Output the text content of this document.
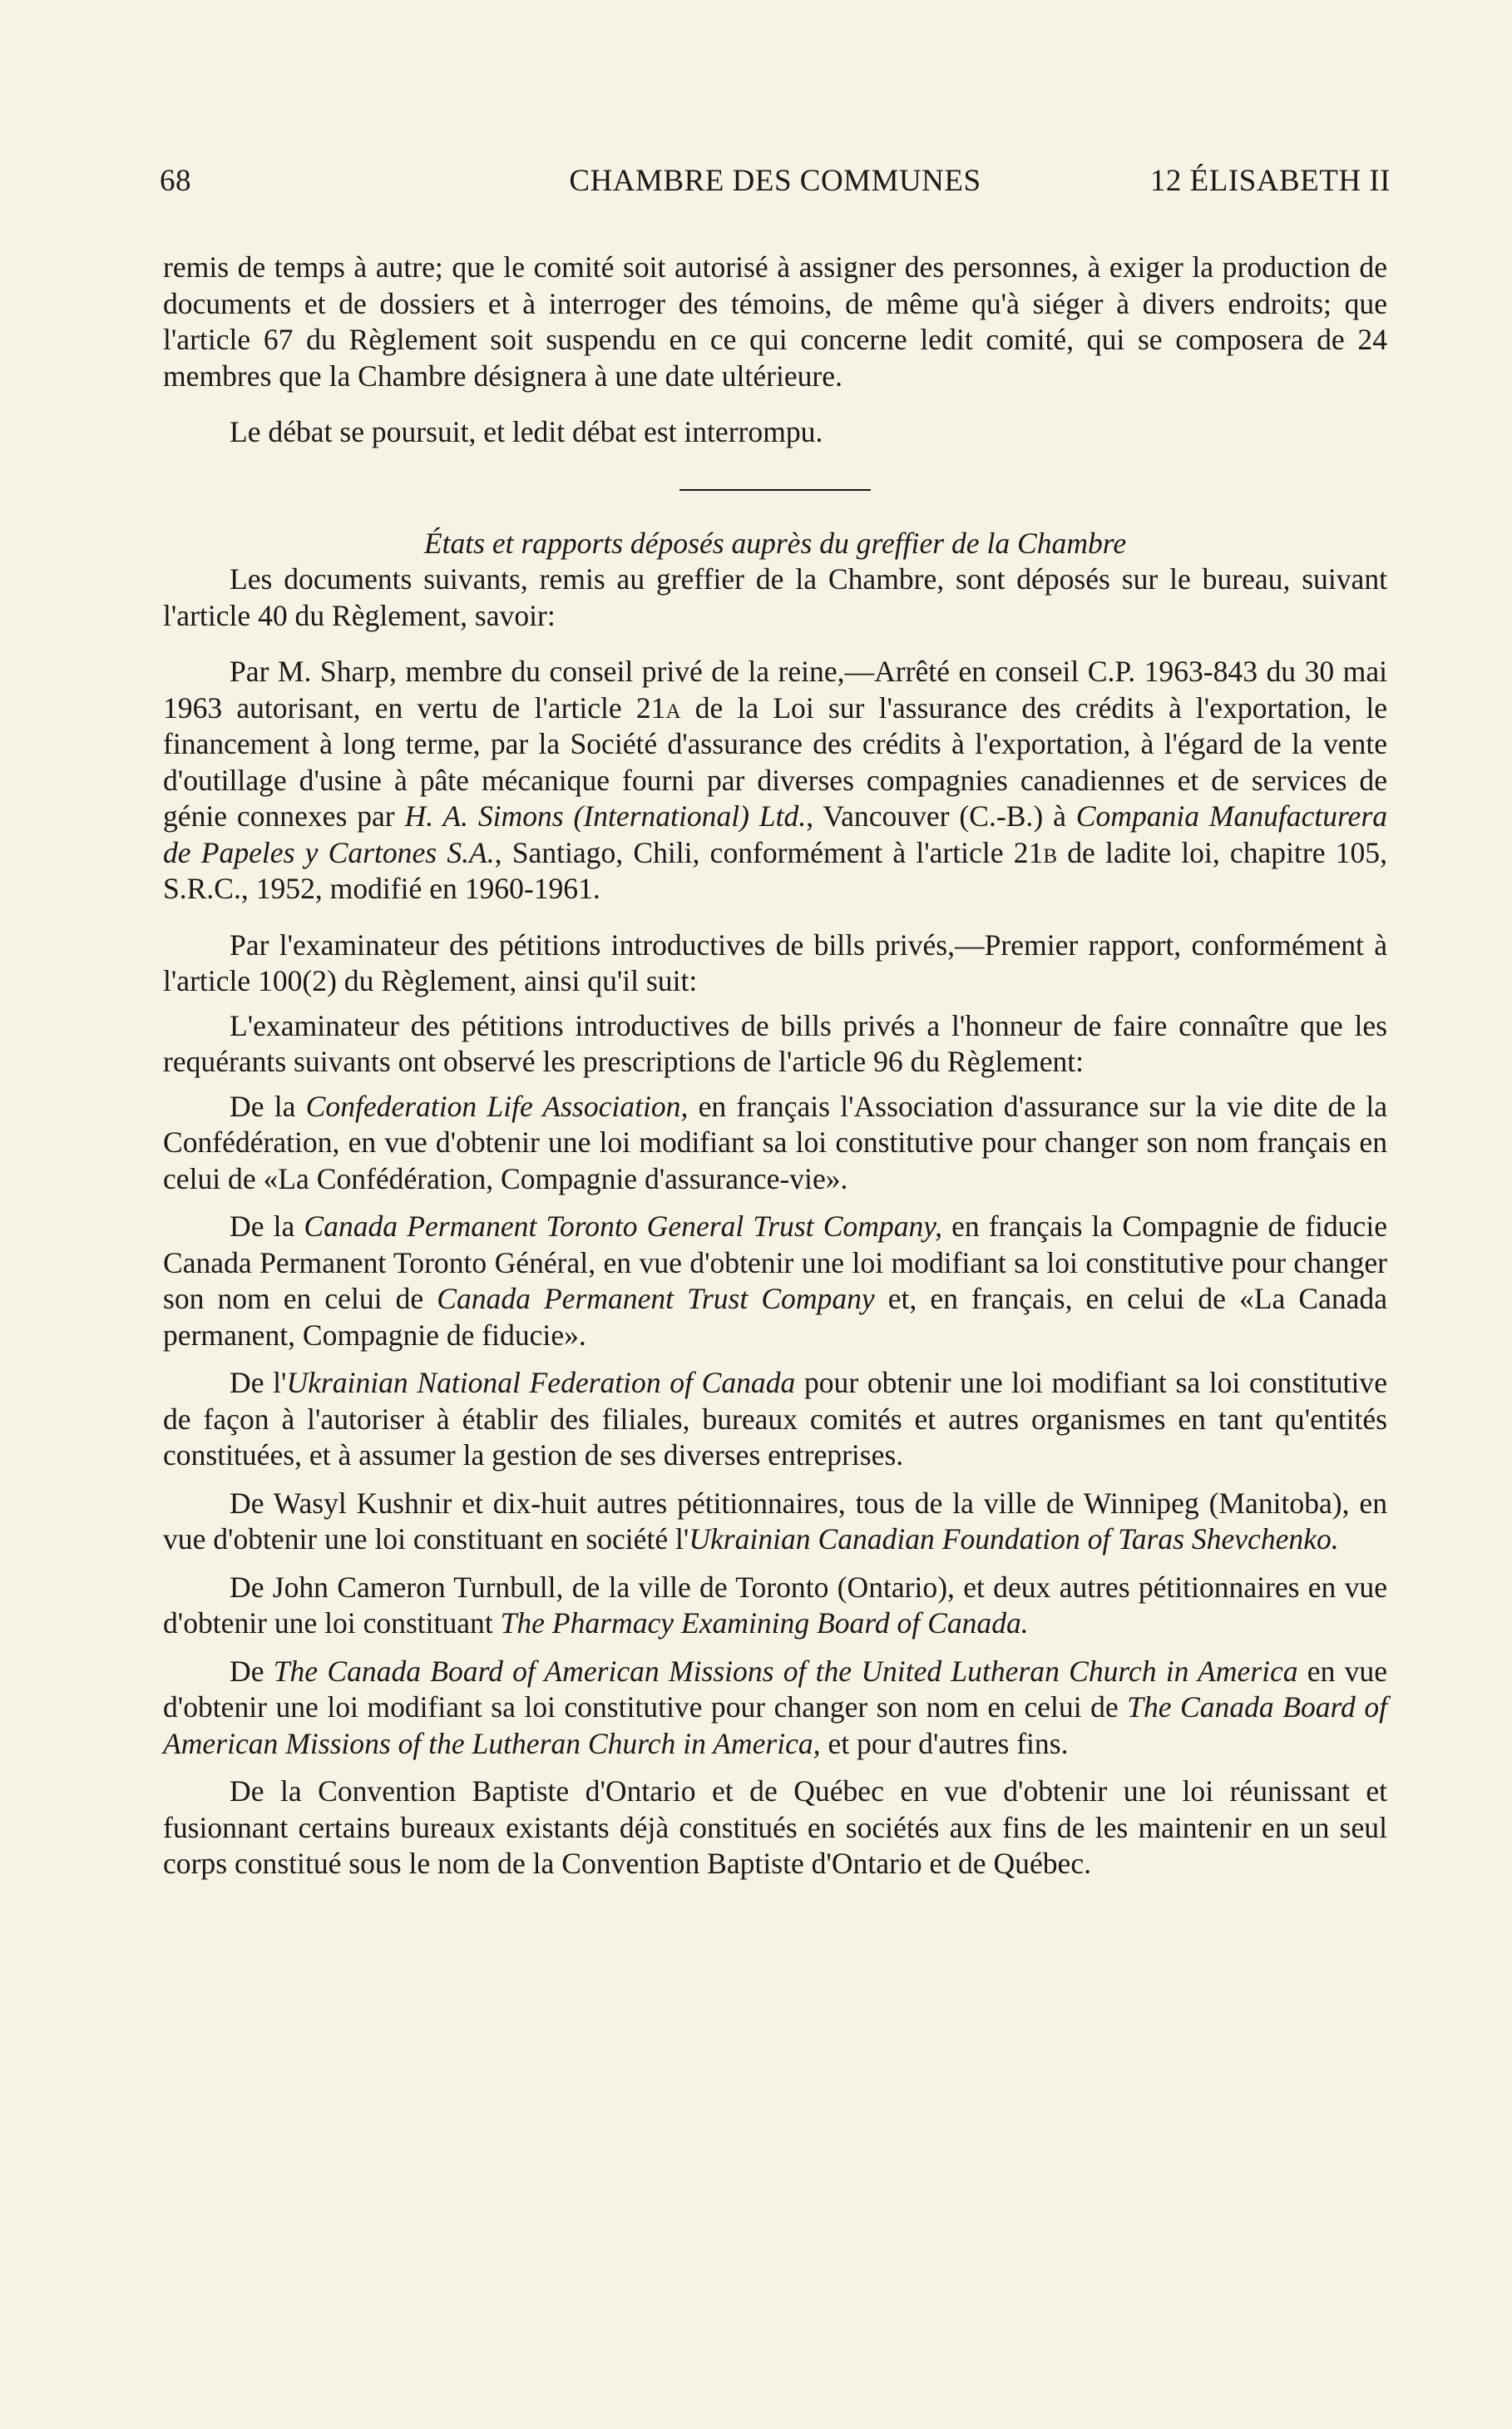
68	CHAMBRE DES COMMUNES	12 ÉLISABETH II

remis de temps à autre; que le comité soit autorisé à assigner des personnes, à exiger la production de documents et de dossiers et à interroger des témoins, de même qu'à siéger à divers endroits; que l'article 67 du Règlement soit suspendu en ce qui concerne ledit comité, qui se composera de 24 membres que la Chambre désignera à une date ultérieure.

Le débat se poursuit, et ledit débat est interrompu.

États et rapports déposés auprès du greffier de la Chambre

Les documents suivants, remis au greffier de la Chambre, sont déposés sur le bureau, suivant l'article 40 du Règlement, savoir:

Par M. Sharp, membre du conseil privé de la reine,—Arrêté en conseil C.P. 1963-843 du 30 mai 1963 autorisant, en vertu de l'article 21a de la Loi sur l'assurance des crédits à l'exportation, le financement à long terme, par la Société d'assurance des crédits à l'exportation, à l'égard de la vente d'outillage d'usine à pâte mécanique fourni par diverses compagnies canadiennes et de services de génie connexes par H. A. Simons (International) Ltd., Vancouver (C.-B.) à Compania Manufacturera de Papeles y Cartones S.A., Santiago, Chili, conformément à l'article 21b de ladite loi, chapitre 105, S.R.C., 1952, modifié en 1960-1961.

Par l'examinateur des pétitions introductives de bills privés,—Premier rapport, conformément à l'article 100(2) du Règlement, ainsi qu'il suit:

L'examinateur des pétitions introductives de bills privés a l'honneur de faire connaître que les requérants suivants ont observé les prescriptions de l'article 96 du Règlement:

De la Confederation Life Association, en français l'Association d'assurance sur la vie dite de la Confédération, en vue d'obtenir une loi modifiant sa loi constitutive pour changer son nom français en celui de «La Confédération, Compagnie d'assurance-vie».

De la Canada Permanent Toronto General Trust Company, en français la Compagnie de fiducie Canada Permanent Toronto Général, en vue d'obtenir une loi modifiant sa loi constitutive pour changer son nom en celui de Canada Permanent Trust Company et, en français, en celui de «La Canada permanent, Compagnie de fiducie».

De l'Ukrainian National Federation of Canada pour obtenir une loi modifiant sa loi constitutive de façon à l'autoriser à établir des filiales, bureaux comités et autres organismes en tant qu'entités constituées, et à assumer la gestion de ses diverses entreprises.

De Wasyl Kushnir et dix-huit autres pétitionnaires, tous de la ville de Winnipeg (Manitoba), en vue d'obtenir une loi constituant en société l'Ukrainian Canadian Foundation of Taras Shevchenko.

De John Cameron Turnbull, de la ville de Toronto (Ontario), et deux autres pétitionnaires en vue d'obtenir une loi constituant The Pharmacy Examining Board of Canada.

De The Canada Board of American Missions of the United Lutheran Church in America en vue d'obtenir une loi modifiant sa loi constitutive pour changer son nom en celui de The Canada Board of American Missions of the Lutheran Church in America, et pour d'autres fins.

De la Convention Baptiste d'Ontario et de Québec en vue d'obtenir une loi réunissant et fusionnant certains bureaux existants déjà constitués en sociétés aux fins de les maintenir en un seul corps constitué sous le nom de la Convention Baptiste d'Ontario et de Québec.
